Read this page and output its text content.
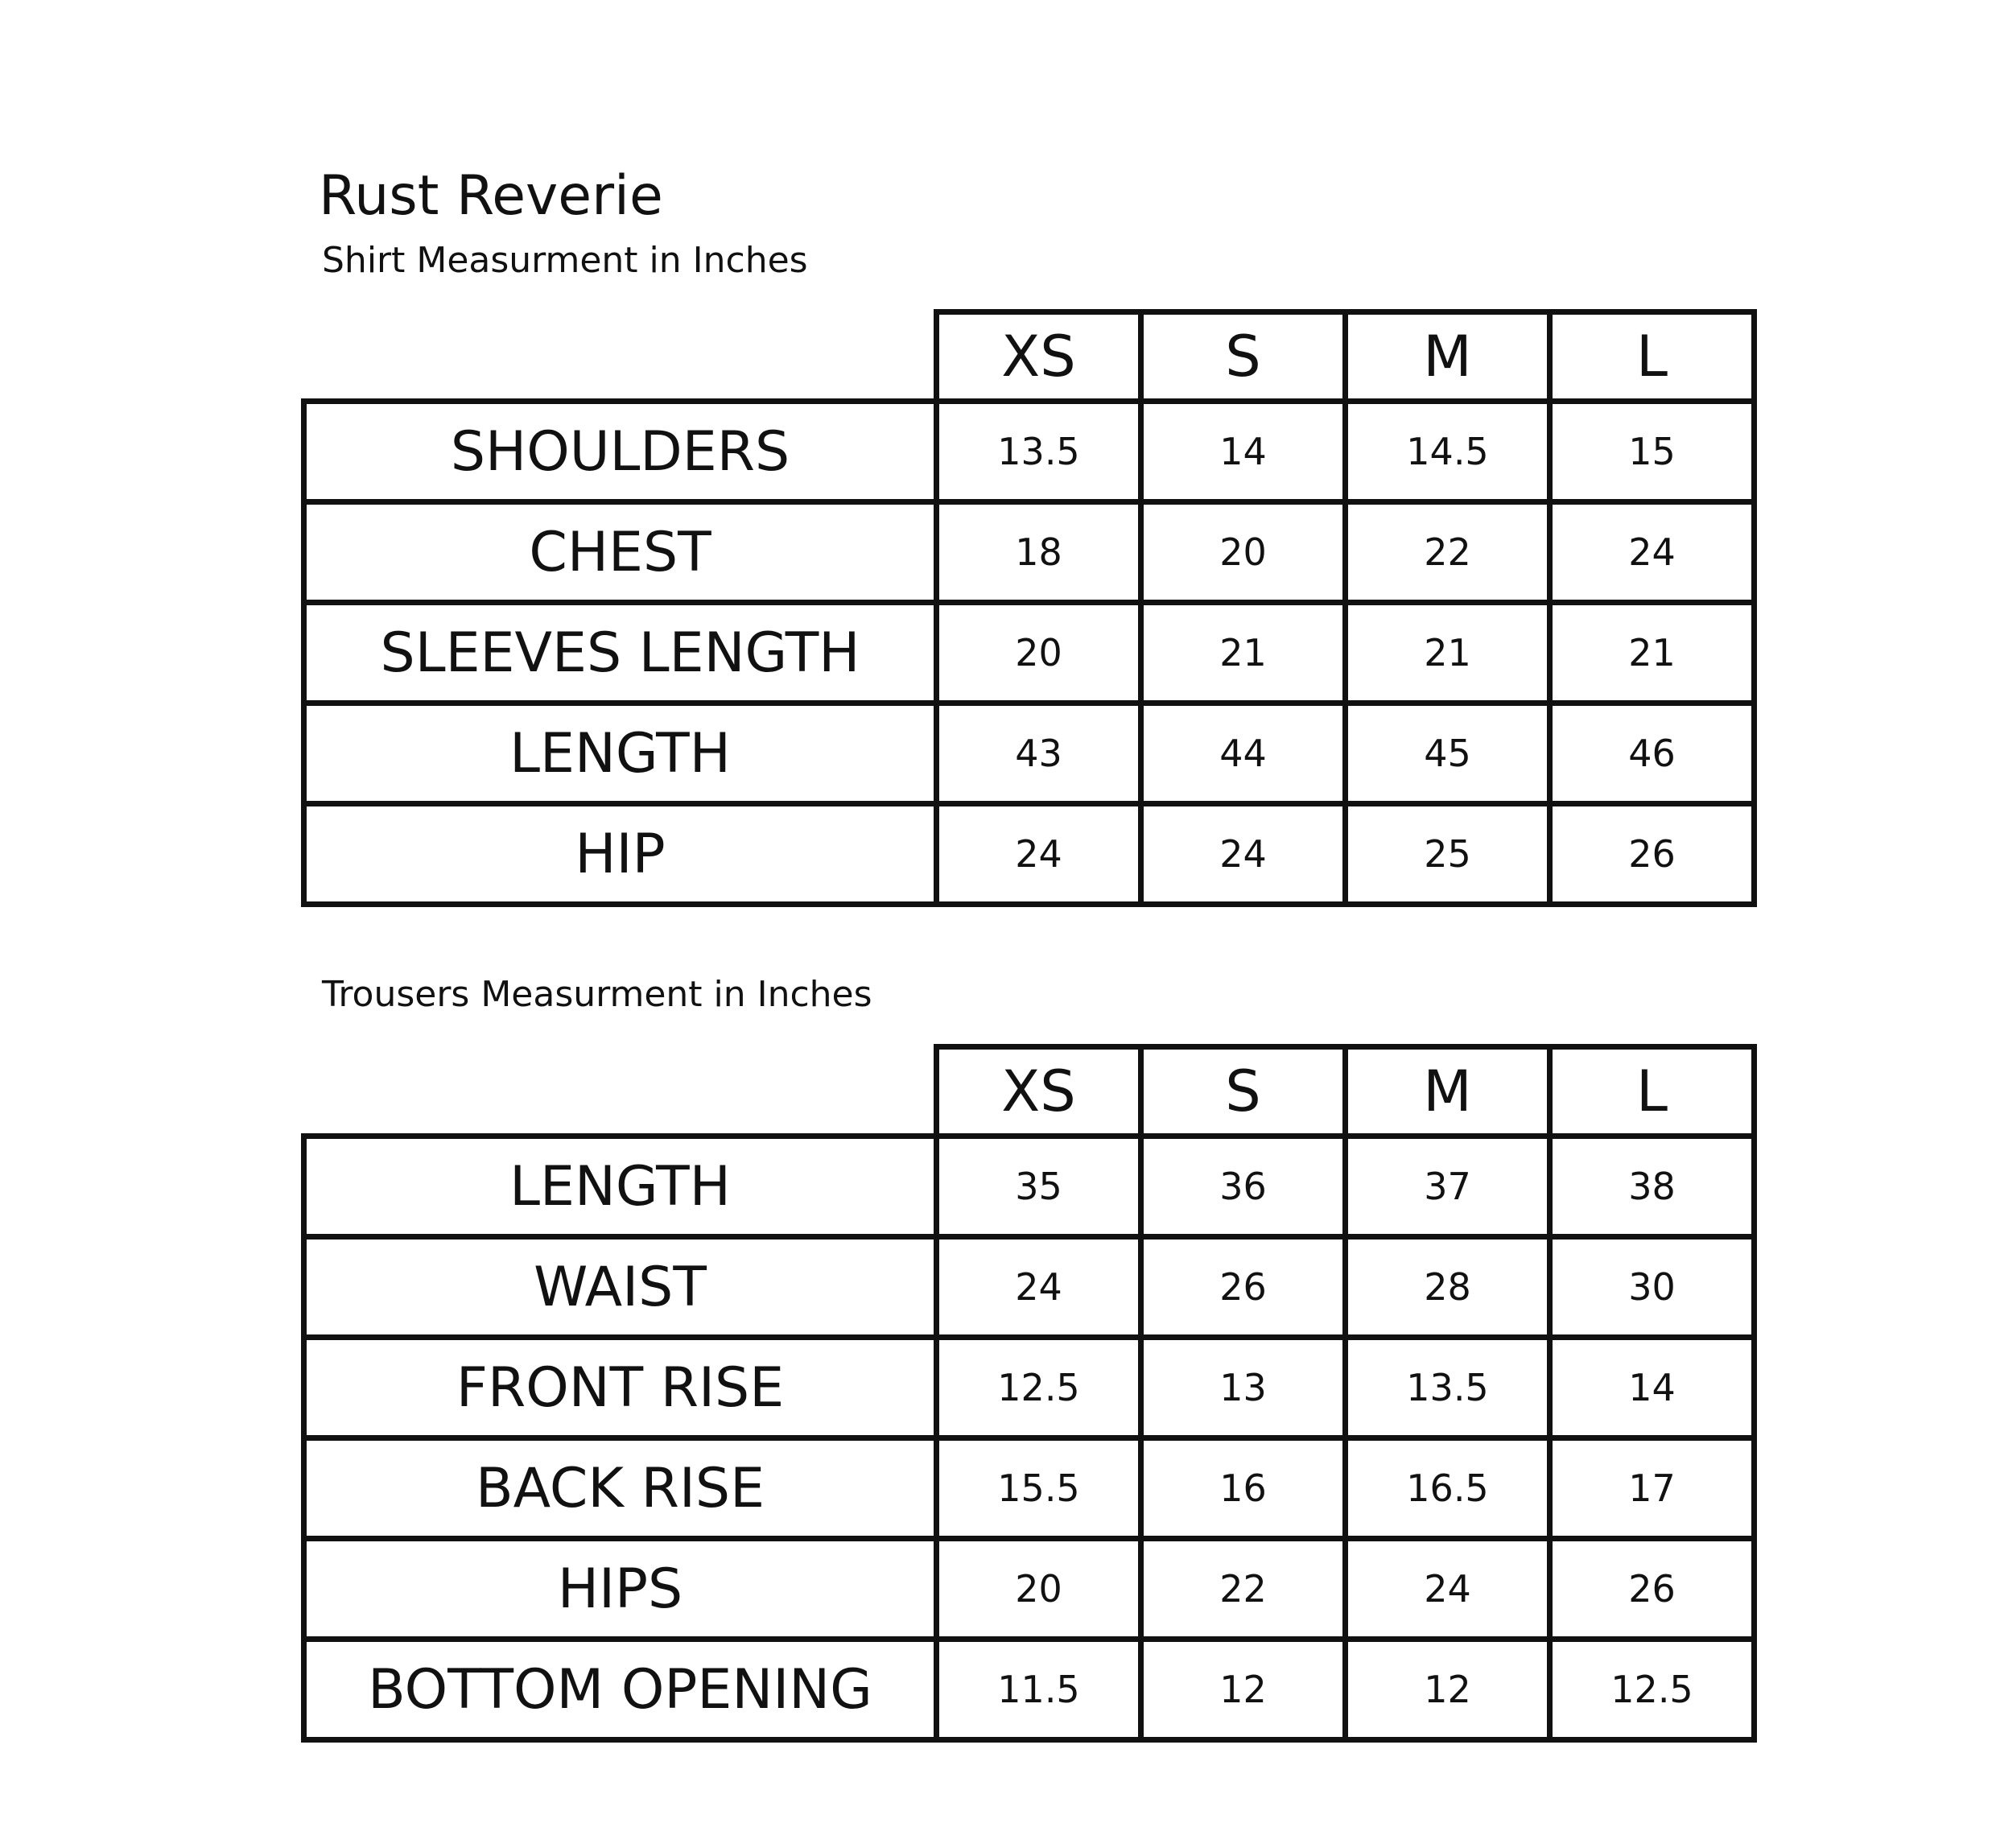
Rust Reverie
Shirt Measurment in Inches
	XS	S	M	L
SHOULDERS	13.5	14	14.5	15
CHEST	18	20	22	24
SLEEVES LENGTH	20	21	21	21
LENGTH	43	44	45	46
HIP	24	24	25	26
Trousers Measurment in Inches
	XS	S	M	L
LENGTH	35	36	37	38
WAIST	24	26	28	30
FRONT RISE	12.5	13	13.5	14
BACK RISE	15.5	16	16.5	17
HIPS	20	22	24	26
BOTTOM OPENING	11.5	12	12	12.5
